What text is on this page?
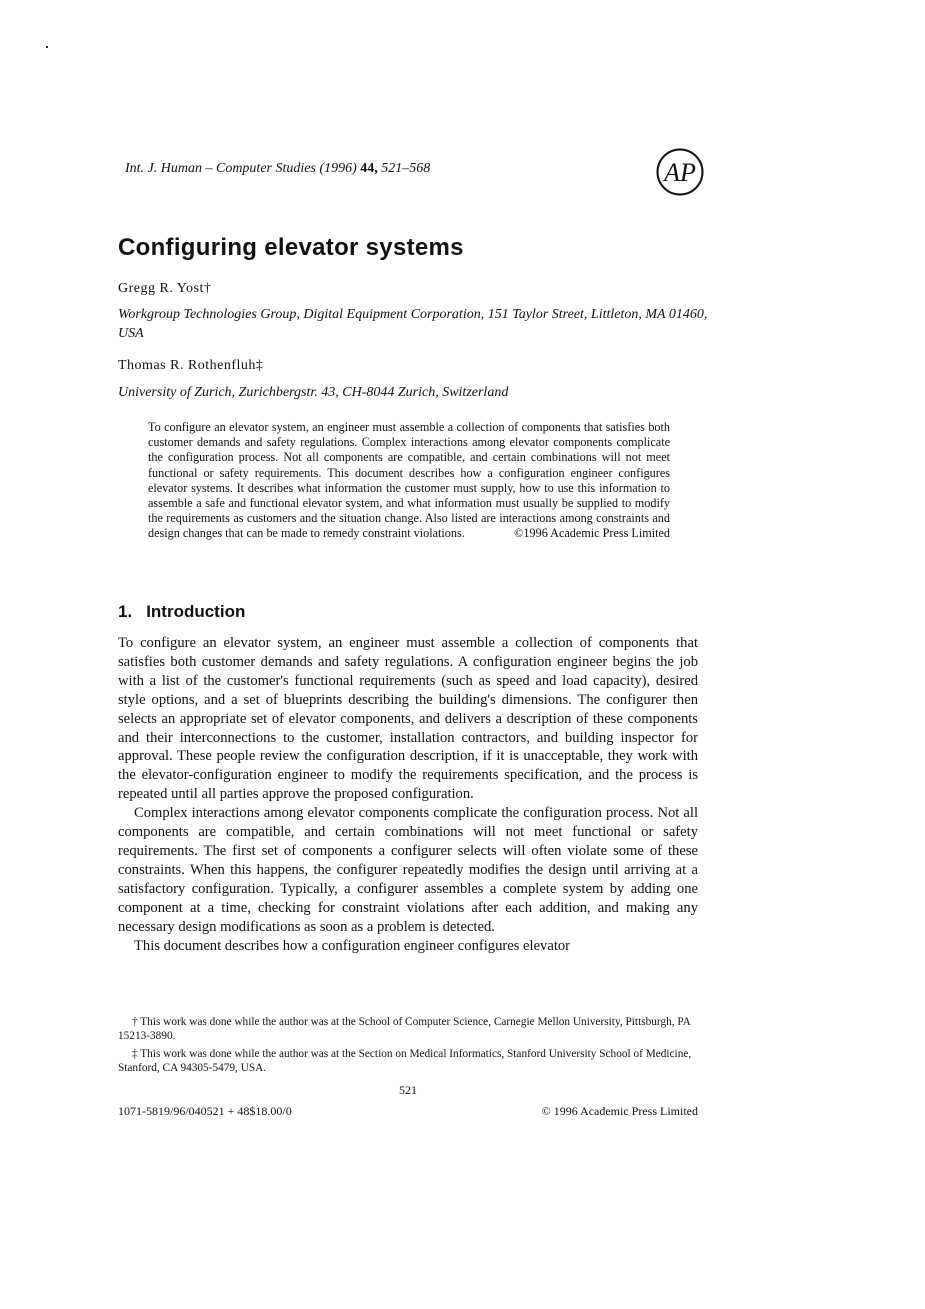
Int. J. Human – Computer Studies (1996) 44, 521–568	AP
Configuring elevator systems
Gregg R. Yost†
Workgroup Technologies Group, Digital Equipment Corporation, 151 Taylor Street, Littleton, MA 01460, USA
Thomas R. Rothenfluh‡
University of Zurich, Zurichbergstr. 43, CH-8044 Zurich, Switzerland

To configure an elevator system, an engineer must assemble a collection of components that satisfies both customer demands and safety regulations. Complex interactions among elevator components complicate the configuration process. Not all components are compatible, and certain combinations will not meet functional or safety requirements. This document describes how a configuration engineer configures elevator systems. It describes what information the customer must supply, how to use this information to assemble a safe and functional elevator system, and what information must usually be supplied to modify the requirements as customers and the situation change. Also listed are interactions among constraints and design changes that can be made to remedy constraint violations.	©1996 Academic Press Limited

1. Introduction

To configure an elevator system, an engineer must assemble a collection of components that satisfies both customer demands and safety regulations. A configuration engineer begins the job with a list of the customer's functional requirements (such as speed and load capacity), desired style options, and a set of blueprints describing the building's dimensions. The configurer then selects an appropriate set of elevator components, and delivers a description of these components and their interconnections to the customer, installation contractors, and building inspector for approval. These people review the configuration description, if it is unacceptable, they work with the elevator-configuration engineer to modify the requirements specification, and the process is repeated until all parties approve the proposed configuration.

Complex interactions among elevator components complicate the configuration process. Not all components are compatible, and certain combinations will not meet functional or safety requirements. The first set of components a configurer selects will often violate some of these constraints. When this happens, the configurer repeatedly modifies the design until arriving at a satisfactory configuration. Typically, a configurer assembles a complete system by adding one component at a time, checking for constraint violations after each addition, and making any necessary design modifications as soon as a problem is detected.

This document describes how a configuration engineer configures elevator

† This work was done while the author was at the School of Computer Science, Carnegie Mellon University, Pittsburgh, PA 15213-3890.

‡ This work was done while the author was at the Section on Medical Informatics, Stanford University School of Medicine, Stanford, CA 94305-5479, USA.

521
1071-5819/96/040521 + 48$18.00/0	© 1996 Academic Press Limited
